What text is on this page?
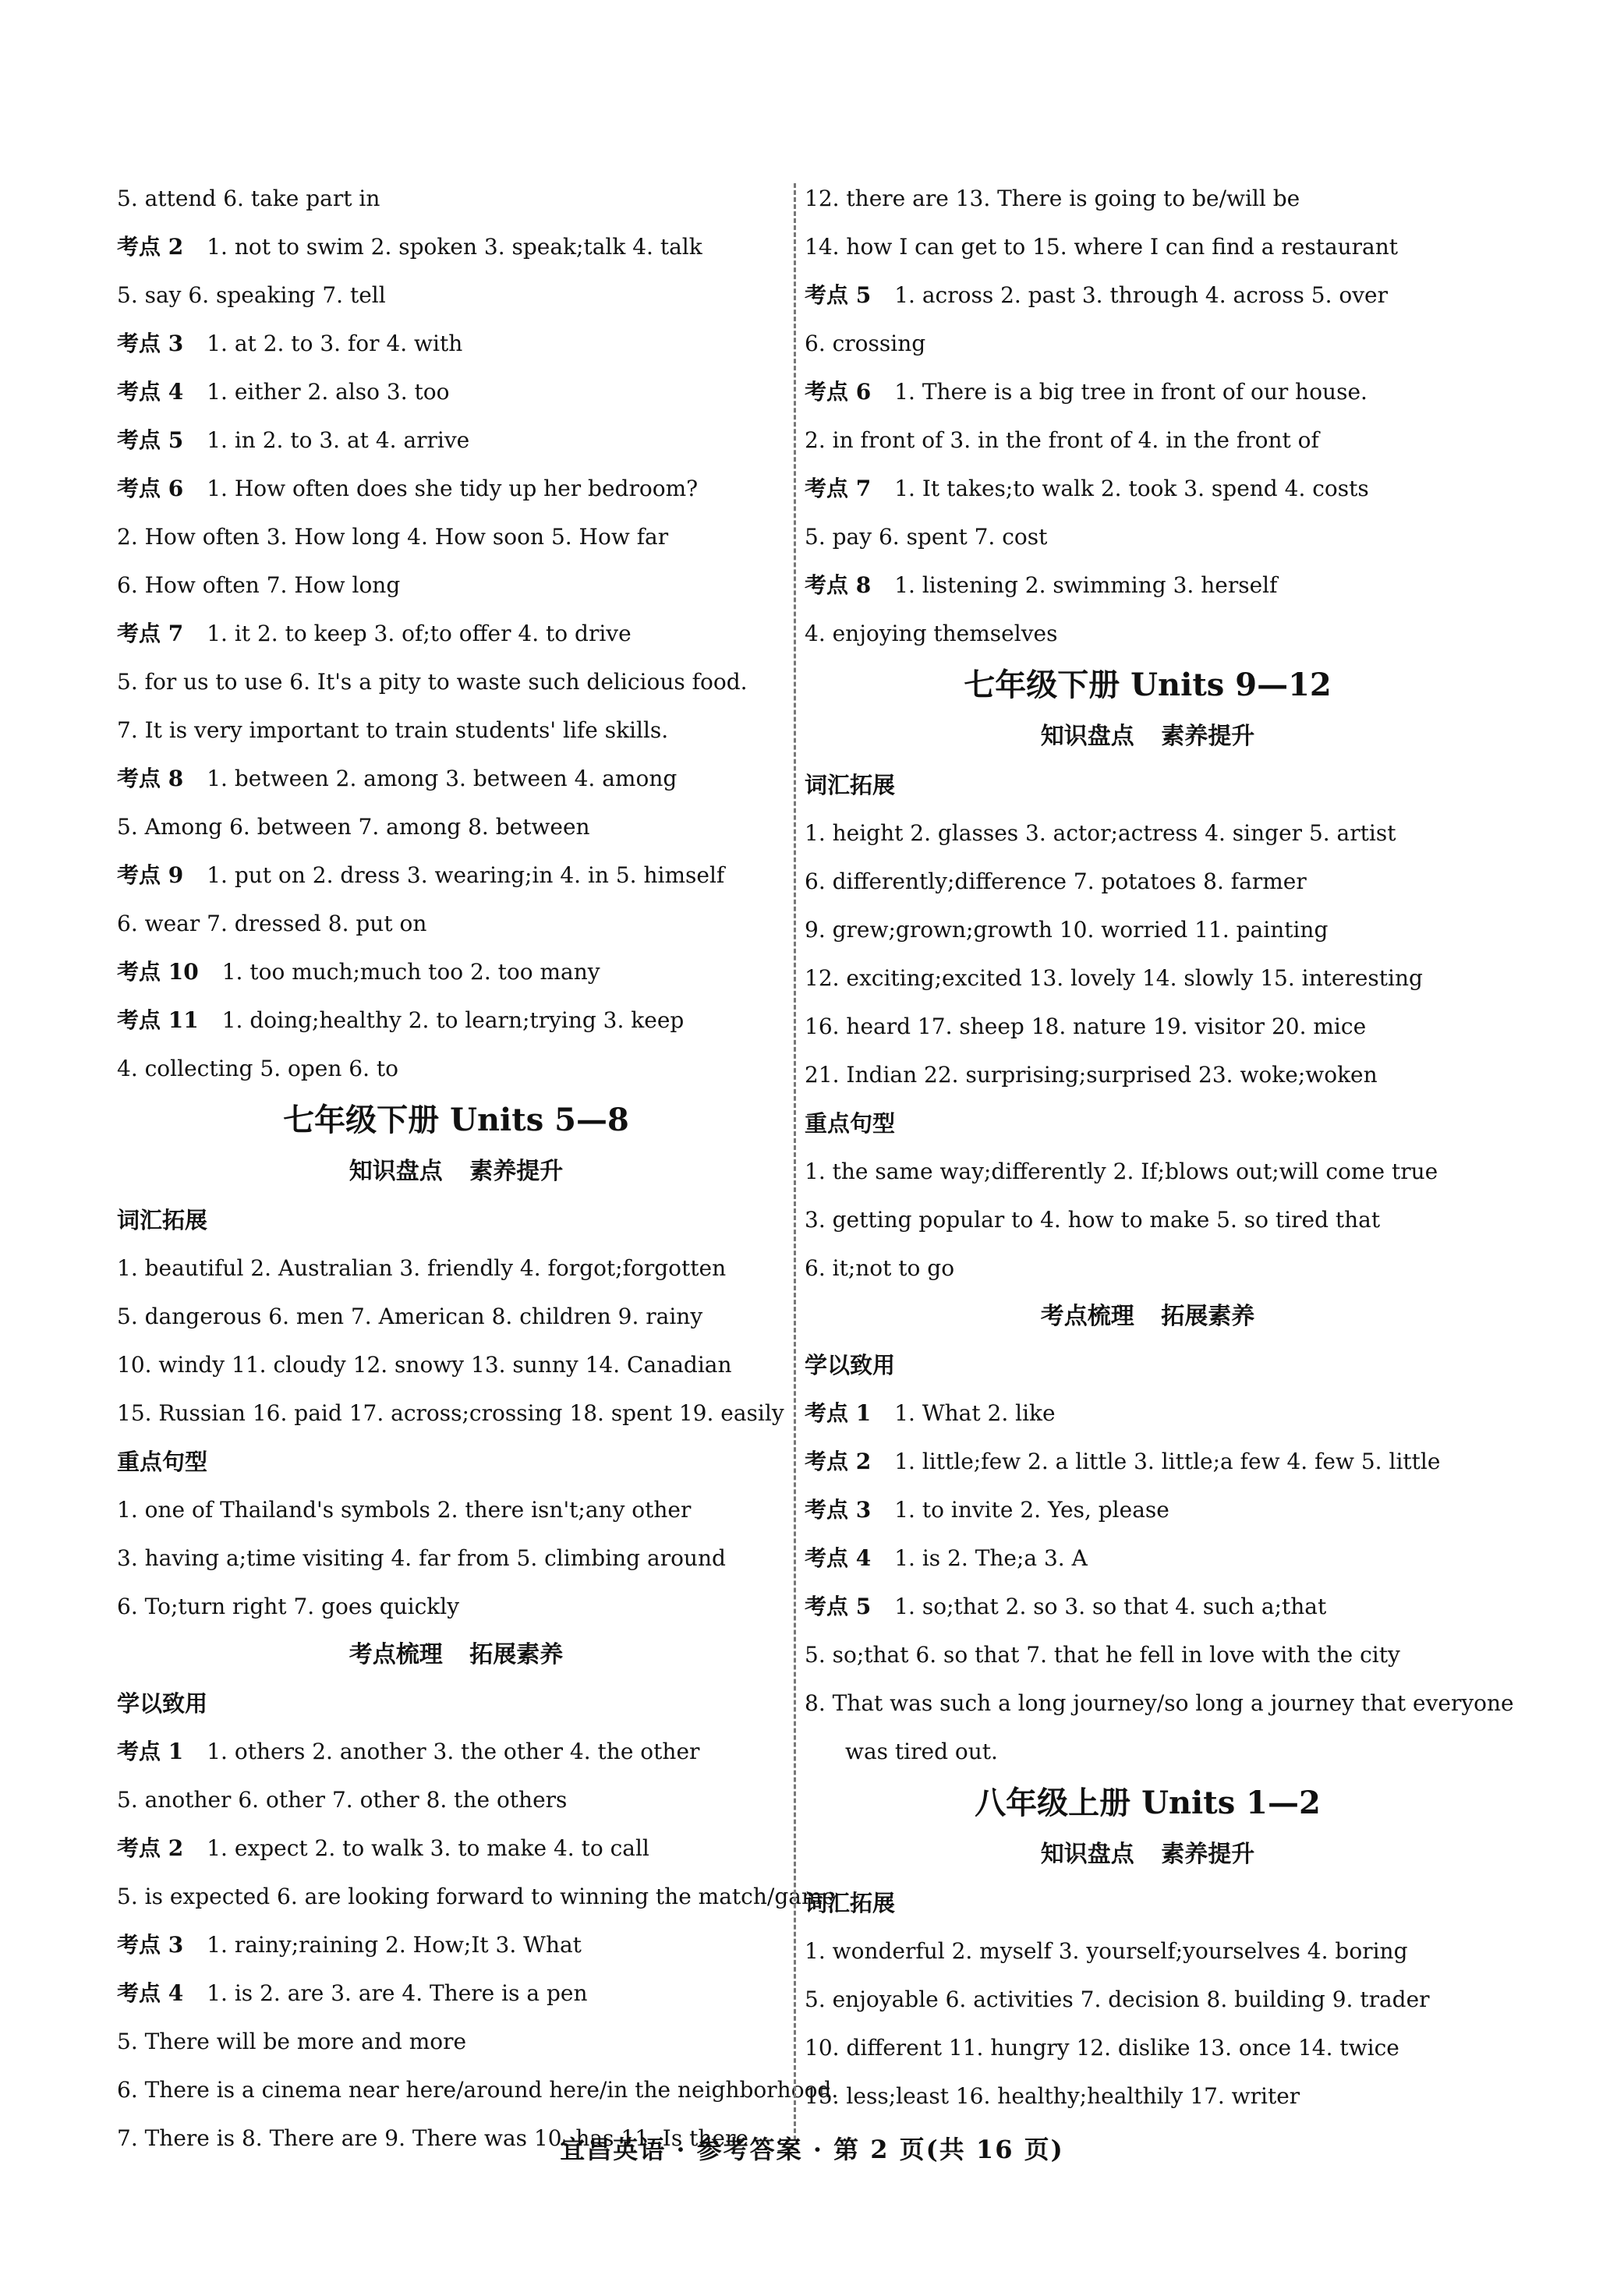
5. attend 6. take part in
考点 2 1. not to swim 2. spoken 3. speak;talk 4. talk
5. say 6. speaking 7. tell
考点 3 1. at 2. to 3. for 4. with
考点 4 1. either 2. also 3. too
考点 5 1. in 2. to 3. at 4. arrive
考点 6 1. How often does she tidy up her bedroom?
2. How often 3. How long 4. How soon 5. How far
6. How often 7. How long
考点 7 1. it 2. to keep 3. of;to offer 4. to drive
5. for us to use 6. It's a pity to waste such delicious food.
7. It is very important to train students' life skills.
考点 8 1. between 2. among 3. between 4. among
5. Among 6. between 7. among 8. between
考点 9 1. put on 2. dress 3. wearing;in 4. in 5. himself
6. wear 7. dressed 8. put on
考点 10 1. too much;much too 2. too many
考点 11 1. doing;healthy 2. to learn;trying 3. keep
4. collecting 5. open 6. to
七年级下册 Units 5—8
知识盘点 素养提升
词汇拓展
1. beautiful 2. Australian 3. friendly 4. forgot;forgotten
5. dangerous 6. men 7. American 8. children 9. rainy
10. windy 11. cloudy 12. snowy 13. sunny 14. Canadian
15. Russian 16. paid 17. across;crossing 18. spent 19. easily
重点句型
1. one of Thailand's symbols 2. there isn't;any other
3. having a;time visiting 4. far from 5. climbing around
6. To;turn right 7. goes quickly
考点梳理 拓展素养
学以致用
考点 1 1. others 2. another 3. the other 4. the other
5. another 6. other 7. other 8. the others
考点 2 1. expect 2. to walk 3. to make 4. to call
5. is expected 6. are looking forward to winning the match/game
考点 3 1. rainy;raining 2. How;It 3. What
考点 4 1. is 2. are 3. are 4. There is a pen
5. There will be more and more
6. There is a cinema near here/around here/in the neighborhood.
7. There is 8. There are 9. There was 10. has 11. Is there
12. there are 13. There is going to be/will be
14. how I can get to 15. where I can find a restaurant
考点 5 1. across 2. past 3. through 4. across 5. over
6. crossing
考点 6 1. There is a big tree in front of our house.
2. in front of 3. in the front of 4. in the front of
考点 7 1. It takes;to walk 2. took 3. spend 4. costs
5. pay 6. spent 7. cost
考点 8 1. listening 2. swimming 3. herself
4. enjoying themselves
七年级下册 Units 9—12
知识盘点 素养提升
词汇拓展
1. height 2. glasses 3. actor;actress 4. singer 5. artist
6. differently;difference 7. potatoes 8. farmer
9. grew;grown;growth 10. worried 11. painting
12. exciting;excited 13. lovely 14. slowly 15. interesting
16. heard 17. sheep 18. nature 19. visitor 20. mice
21. Indian 22. surprising;surprised 23. woke;woken
重点句型
1. the same way;differently 2. If;blows out;will come true
3. getting popular to 4. how to make 5. so tired that
6. it;not to go
考点梳理 拓展素养
学以致用
考点 1 1. What 2. like
考点 2 1. little;few 2. a little 3. little;a few 4. few 5. little
考点 3 1. to invite 2. Yes, please
考点 4 1. is 2. The;a 3. A
考点 5 1. so;that 2. so 3. so that 4. such a;that
5. so;that 6. so that 7. that he fell in love with the city
8. That was such a long journey/so long a journey that everyone
was tired out.
八年级上册 Units 1—2
知识盘点 素养提升
词汇拓展
1. wonderful 2. myself 3. yourself;yourselves 4. boring
5. enjoyable 6. activities 7. decision 8. building 9. trader
10. different 11. hungry 12. dislike 13. once 14. twice
15. less;least 16. healthy;healthily 17. writer
宜昌英语 · 参考答案 · 第 2 页(共 16 页)
